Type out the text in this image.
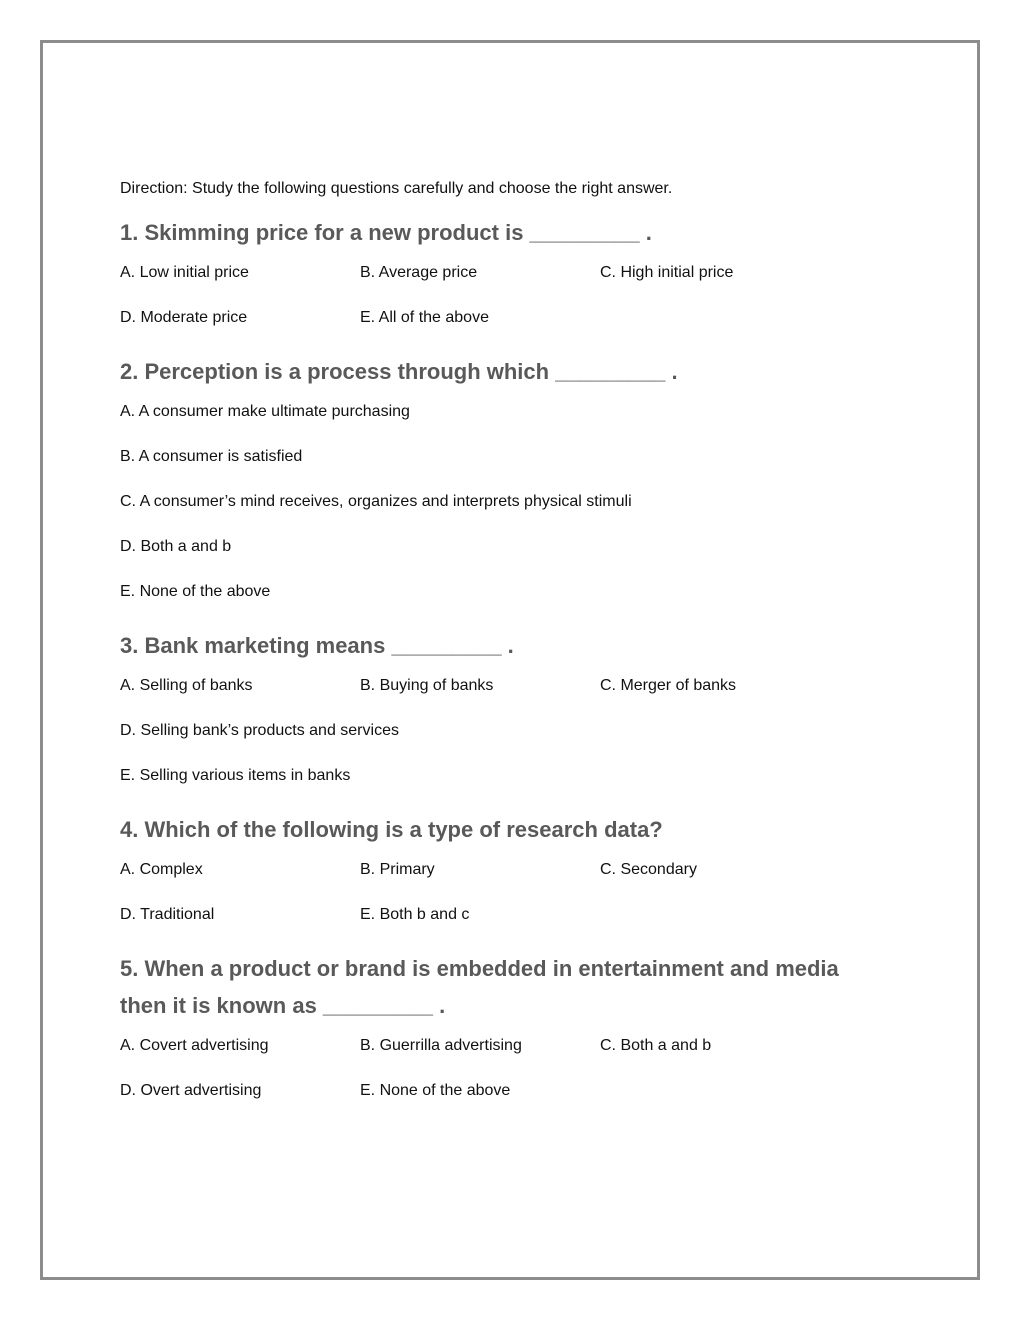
Direction: Study the following questions carefully and choose the right answer.
1. Skimming price for a new product is _________ .
A. Low initial price	B. Average price	C. High initial price
D. Moderate price	E. All of the above
2. Perception is a process through which _________ .
A. A consumer make ultimate purchasing
B. A consumer is satisfied
C. A consumer’s mind receives, organizes and interprets physical stimuli
D. Both a and b
E. None of the above
3. Bank marketing means _________ .
A. Selling of banks	B. Buying of banks	C. Merger of banks
D. Selling bank’s products and services
E. Selling various items in banks
4. Which of the following is a type of research data?
A. Complex	B. Primary	C. Secondary
D. Traditional	E. Both b and c
5. When a product or brand is embedded in entertainment and media
then it is known as _________ .
A. Covert advertising	B. Guerrilla advertising	C. Both a and b
D. Overt advertising	E. None of the above
